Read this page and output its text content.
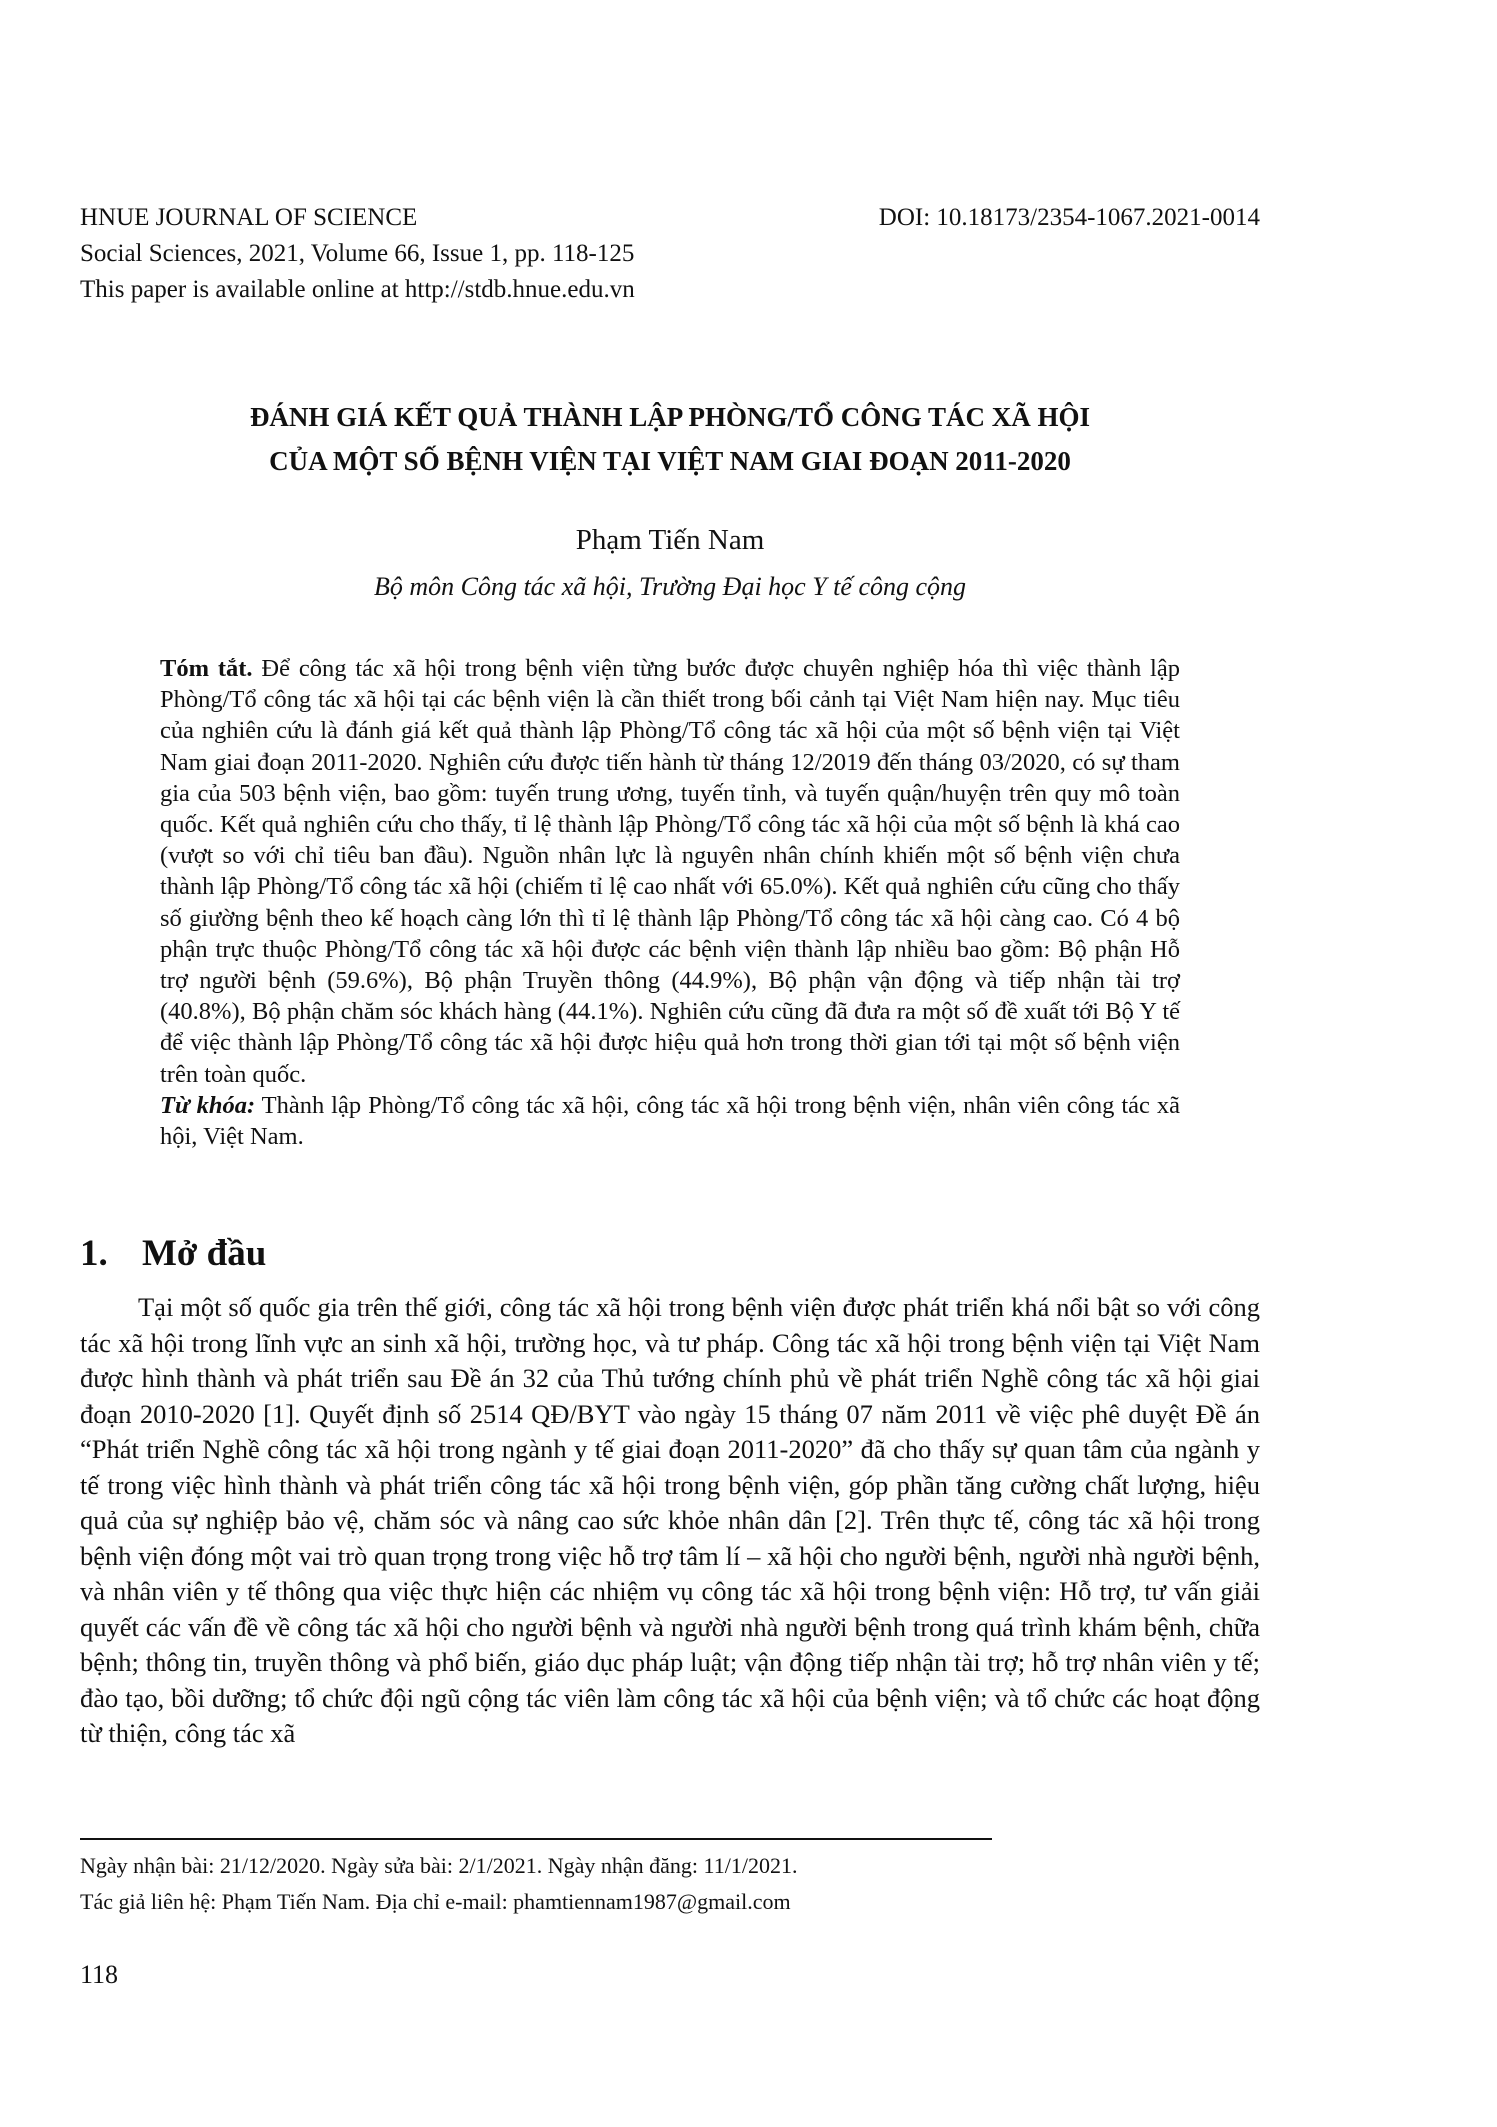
HNUE JOURNAL OF SCIENCE	DOI: 10.18173/2354-1067.2021-0014
Social Sciences, 2021, Volume 66, Issue 1, pp. 118-125
This paper is available online at http://stdb.hnue.edu.vn
ĐÁNH GIÁ KẾT QUẢ THÀNH LẬP PHÒNG/TỔ CÔNG TÁC XÃ HỘI
CỦA MỘT SỐ BỆNH VIỆN TẠI VIỆT NAM GIAI ĐOẠN 2011-2020
Phạm Tiến Nam
Bộ môn Công tác xã hội, Trường Đại học Y tế công cộng

Tóm tắt. Để công tác xã hội trong bệnh viện từng bước được chuyên nghiệp hóa thì việc thành lập Phòng/Tổ công tác xã hội tại các bệnh viện là cần thiết trong bối cảnh tại Việt Nam hiện nay. Mục tiêu của nghiên cứu là đánh giá kết quả thành lập Phòng/Tổ công tác xã hội của một số bệnh viện tại Việt Nam giai đoạn 2011-2020. Nghiên cứu được tiến hành từ tháng 12/2019 đến tháng 03/2020, có sự tham gia của 503 bệnh viện, bao gồm: tuyến trung ương, tuyến tỉnh, và tuyến quận/huyện trên quy mô toàn quốc. Kết quả nghiên cứu cho thấy, tỉ lệ thành lập Phòng/Tổ công tác xã hội của một số bệnh là khá cao (vượt so với chỉ tiêu ban đầu). Nguồn nhân lực là nguyên nhân chính khiến một số bệnh viện chưa thành lập Phòng/Tổ công tác xã hội (chiếm tỉ lệ cao nhất với 65.0%). Kết quả nghiên cứu cũng cho thấy số giường bệnh theo kế hoạch càng lớn thì tỉ lệ thành lập Phòng/Tổ công tác xã hội càng cao. Có 4 bộ phận trực thuộc Phòng/Tổ công tác xã hội được các bệnh viện thành lập nhiều bao gồm: Bộ phận Hỗ trợ người bệnh (59.6%), Bộ phận Truyền thông (44.9%), Bộ phận vận động và tiếp nhận tài trợ (40.8%), Bộ phận chăm sóc khách hàng (44.1%). Nghiên cứu cũng đã đưa ra một số đề xuất tới Bộ Y tế để việc thành lập Phòng/Tổ công tác xã hội được hiệu quả hơn trong thời gian tới tại một số bệnh viện trên toàn quốc.

Từ khóa: Thành lập Phòng/Tổ công tác xã hội, công tác xã hội trong bệnh viện, nhân viên công tác xã hội, Việt Nam.

1. Mở đầu

Tại một số quốc gia trên thế giới, công tác xã hội trong bệnh viện được phát triển khá nổi bật so với công tác xã hội trong lĩnh vực an sinh xã hội, trường học, và tư pháp. Công tác xã hội trong bệnh viện tại Việt Nam được hình thành và phát triển sau Đề án 32 của Thủ tướng chính phủ về phát triển Nghề công tác xã hội giai đoạn 2010-2020 [1]. Quyết định số 2514 QĐ/BYT vào ngày 15 tháng 07 năm 2011 về việc phê duyệt Đề án “Phát triển Nghề công tác xã hội trong ngành y tế giai đoạn 2011-2020” đã cho thấy sự quan tâm của ngành y tế trong việc hình thành và phát triển công tác xã hội trong bệnh viện, góp phần tăng cường chất lượng, hiệu quả của sự nghiệp bảo vệ, chăm sóc và nâng cao sức khỏe nhân dân [2]. Trên thực tế, công tác xã hội trong bệnh viện đóng một vai trò quan trọng trong việc hỗ trợ tâm lí – xã hội cho người bệnh, người nhà người bệnh, và nhân viên y tế thông qua việc thực hiện các nhiệm vụ công tác xã hội trong bệnh viện: Hỗ trợ, tư vấn giải quyết các vấn đề về công tác xã hội cho người bệnh và người nhà người bệnh trong quá trình khám bệnh, chữa bệnh; thông tin, truyền thông và phổ biến, giáo dục pháp luật; vận động tiếp nhận tài trợ; hỗ trợ nhân viên y tế; đào tạo, bồi dưỡng; tổ chức đội ngũ cộng tác viên làm công tác xã hội của bệnh viện; và tổ chức các hoạt động từ thiện, công tác xã

Ngày nhận bài: 21/12/2020. Ngày sửa bài: 2/1/2021. Ngày nhận đăng: 11/1/2021.
Tác giả liên hệ: Phạm Tiến Nam. Địa chỉ e-mail: phamtiennam1987@gmail.com
118
